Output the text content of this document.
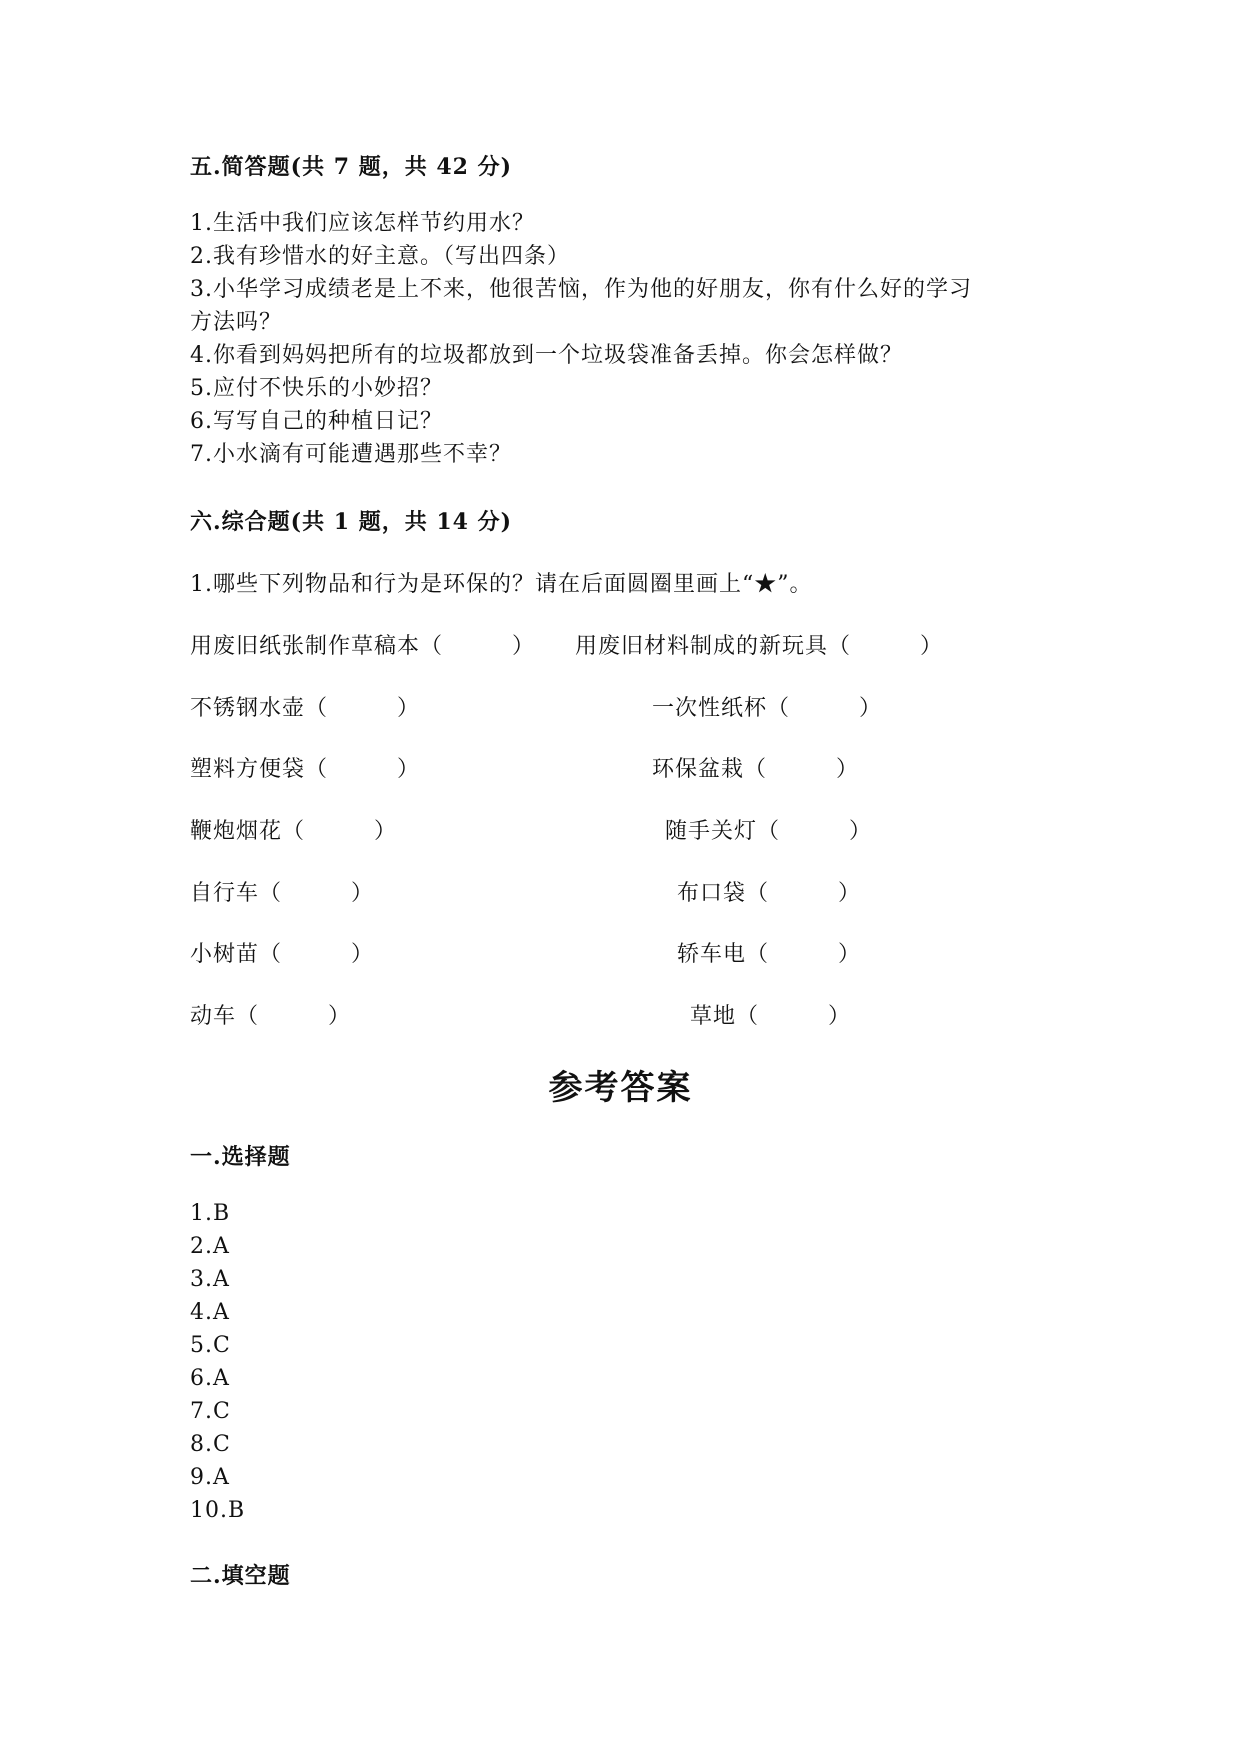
五.简答题(共 7 题，共 42 分)
1.生活中我们应该怎样节约用水？
2.我有珍惜水的好主意。（写出四条）
3.小华学习成绩老是上不来，他很苦恼，作为他的好朋友，你有什么好的学习
方法吗？
4.你看到妈妈把所有的垃圾都放到一个垃圾袋准备丢掉。你会怎样做？
5.应付不快乐的小妙招？
6.写写自己的种植日记？
7.小水滴有可能遭遇那些不幸？
六.综合题(共 1 题，共 14 分)
1.哪些下列物品和行为是环保的？请在后面圆圈里画上“★”。
用废旧纸张制作草稿本（　　　） 用废旧材料制成的新玩具（　　　）
不锈钢水壶（　　　）	一次性纸杯（　　　）
塑料方便袋（　　　）	环保盆栽（　　　）
鞭炮烟花（　　　）	随手关灯（　　　）
自行车（　　　）	布口袋（　　　）
小树苗（　　　）	轿车电（　　　）
动车（　　　）	草地（　　　）
参考答案
一.选择题
1.B
2.A
3.A
4.A
5.C
6.A
7.C
8.C
9.A
10.B
二.填空题
